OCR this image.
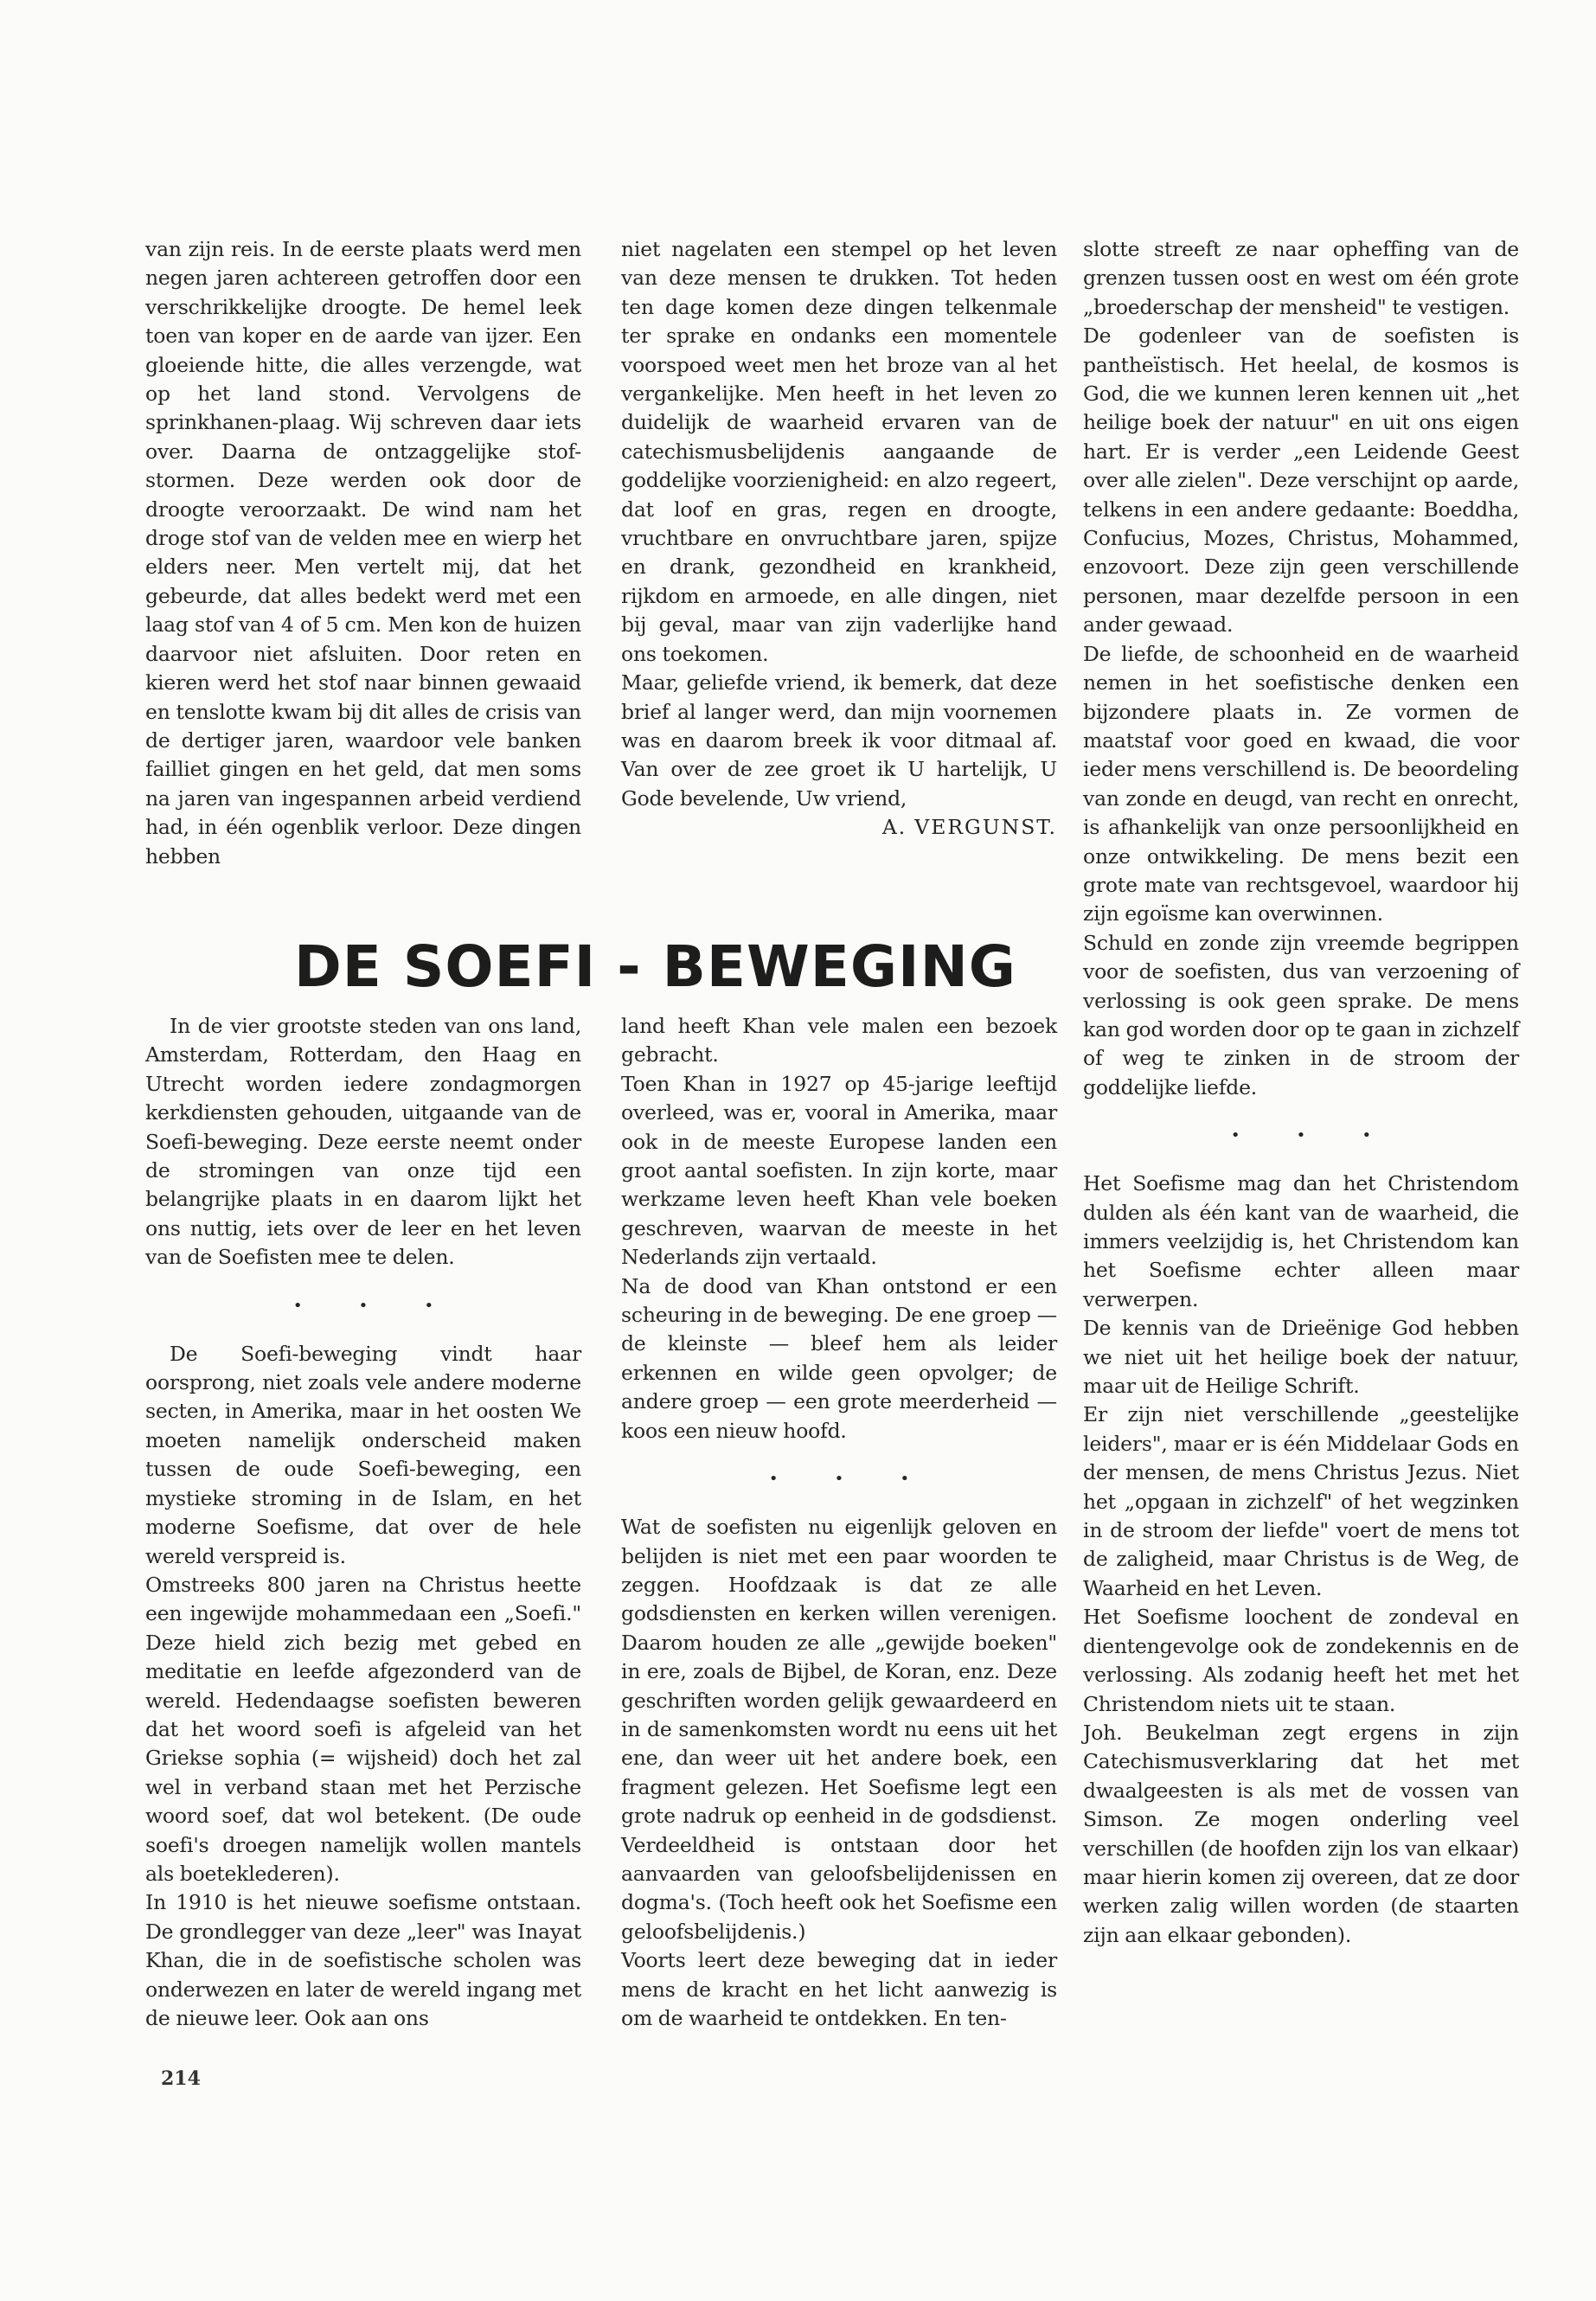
van zijn reis. In de eerste plaats werd men negen jaren achtereen getroffen door een verschrikkelijke droogte. De hemel leek toen van koper en de aarde van ijzer. Een gloeiende hitte, die alles verzengde, wat op het land stond. Vervolgens de sprinkhanen-plaag. Wij schreven daar iets over. Daarna de ontzaggelijke stof-stormen. Deze werden ook door de droogte veroorzaakt. De wind nam het droge stof van de velden mee en wierp het elders neer. Men vertelt mij, dat het gebeurde, dat alles bedekt werd met een laag stof van 4 of 5 cm. Men kon de huizen daarvoor niet afsluiten. Door reten en kieren werd het stof naar binnen gewaaid en tenslotte kwam bij dit alles de crisis van de dertiger jaren, waardoor vele banken failliet gingen en het geld, dat men soms na jaren van ingespannen arbeid verdiend had, in één ogenblik verloor. Deze dingen hebben

niet nagelaten een stempel op het leven van deze mensen te drukken. Tot heden ten dage komen deze dingen telkenmale ter sprake en ondanks een momentele voorspoed weet men het broze van al het vergankelijke. Men heeft in het leven zo duidelijk de waarheid ervaren van de catechismusbelijdenis aangaande de goddelijke voorzienigheid: en alzo regeert, dat loof en gras, regen en droogte, vruchtbare en onvruchtbare jaren, spijze en drank, gezondheid en krankheid, rijkdom en armoede, en alle dingen, niet bij geval, maar van zijn vaderlijke hand ons toekomen.

Maar, geliefde vriend, ik bemerk, dat deze brief al langer werd, dan mijn voornemen was en daarom breek ik voor ditmaal af. Van over de zee groet ik U hartelijk, U Gode bevelende, Uw vriend,

A. VERGUNST.

DE SOEFI - BEWEGING

In de vier grootste steden van ons land, Amsterdam, Rotterdam, den Haag en Utrecht worden iedere zondagmorgen kerkdiensten gehouden, uitgaande van de Soefi-beweging. Deze eerste neemt onder de stromingen van onze tijd een belangrijke plaats in en daarom lijkt het ons nuttig, iets over de leer en het leven van de Soefisten mee te delen.

• • •

De Soefi-beweging vindt haar oorsprong, niet zoals vele andere moderne secten, in Amerika, maar in het oosten We moeten namelijk onderscheid maken tussen de oude Soefi-beweging, een mystieke stroming in de Islam, en het moderne Soefisme, dat over de hele wereld verspreid is.

Omstreeks 800 jaren na Christus heette een ingewijde mohammedaan een „Soefi." Deze hield zich bezig met gebed en meditatie en leefde afgezonderd van de wereld. Hedendaagse soefisten beweren dat het woord soefi is afgeleid van het Griekse sophia (= wijsheid) doch het zal wel in verband staan met het Perzische woord soef, dat wol betekent. (De oude soefi's droegen namelijk wollen mantels als boeteklederen).

In 1910 is het nieuwe soefisme ontstaan. De grondlegger van deze „leer" was Inayat Khan, die in de soefistische scholen was onderwezen en later de wereld ingang met de nieuwe leer. Ook aan ons

land heeft Khan vele malen een bezoek gebracht.

Toen Khan in 1927 op 45-jarige leeftijd overleed, was er, vooral in Amerika, maar ook in de meeste Europese landen een groot aantal soefisten. In zijn korte, maar werkzame leven heeft Khan vele boeken geschreven, waarvan de meeste in het Nederlands zijn vertaald.

Na de dood van Khan ontstond er een scheuring in de beweging. De ene groep — de kleinste — bleef hem als leider erkennen en wilde geen opvolger; de andere groep — een grote meerderheid — koos een nieuw hoofd.

• • •

Wat de soefisten nu eigenlijk geloven en belijden is niet met een paar woorden te zeggen. Hoofdzaak is dat ze alle godsdiensten en kerken willen verenigen. Daarom houden ze alle „gewijde boeken" in ere, zoals de Bijbel, de Koran, enz. Deze geschriften worden gelijk gewaardeerd en in de samenkomsten wordt nu eens uit het ene, dan weer uit het andere boek, een fragment gelezen. Het Soefisme legt een grote nadruk op eenheid in de godsdienst. Verdeeldheid is ontstaan door het aanvaarden van geloofsbelijdenissen en dogma's. (Toch heeft ook het Soefisme een geloofsbelijdenis.)

Voorts leert deze beweging dat in ieder mens de kracht en het licht aanwezig is om de waarheid te ontdekken. En ten-

slotte streeft ze naar opheffing van de grenzen tussen oost en west om één grote „broederschap der mensheid" te vestigen.

De godenleer van de soefisten is pantheïstisch. Het heelal, de kosmos is God, die we kunnen leren kennen uit „het heilige boek der natuur" en uit ons eigen hart. Er is verder „een Leidende Geest over alle zielen". Deze verschijnt op aarde, telkens in een andere gedaante: Boeddha, Confucius, Mozes, Christus, Mohammed, enzovoort. Deze zijn geen verschillende personen, maar dezelfde persoon in een ander gewaad.

De liefde, de schoonheid en de waarheid nemen in het soefistische denken een bijzondere plaats in. Ze vormen de maatstaf voor goed en kwaad, die voor ieder mens verschillend is. De beoordeling van zonde en deugd, van recht en onrecht, is afhankelijk van onze persoonlijkheid en onze ontwikkeling. De mens bezit een grote mate van rechtsgevoel, waardoor hij zijn egoïsme kan overwinnen.

Schuld en zonde zijn vreemde begrippen voor de soefisten, dus van verzoening of verlossing is ook geen sprake. De mens kan god worden door op te gaan in zichzelf of weg te zinken in de stroom der goddelijke liefde.

• • •

Het Soefisme mag dan het Christendom dulden als één kant van de waarheid, die immers veelzijdig is, het Christendom kan het Soefisme echter alleen maar verwerpen.

De kennis van de Drieënige God hebben we niet uit het heilige boek der natuur, maar uit de Heilige Schrift.

Er zijn niet verschillende „geestelijke leiders", maar er is één Middelaar Gods en der mensen, de mens Christus Jezus. Niet het „opgaan in zichzelf" of het wegzinken in de stroom der liefde" voert de mens tot de zaligheid, maar Christus is de Weg, de Waarheid en het Leven.

Het Soefisme loochent de zondeval en dientengevolge ook de zondekennis en de verlossing. Als zodanig heeft het met het Christendom niets uit te staan.

Joh. Beukelman zegt ergens in zijn Catechismusverklaring dat het met dwaalgeesten is als met de vossen van Simson. Ze mogen onderling veel verschillen (de hoofden zijn los van elkaar) maar hierin komen zij overeen, dat ze door werken zalig willen worden (de staarten zijn aan elkaar gebonden).

214
